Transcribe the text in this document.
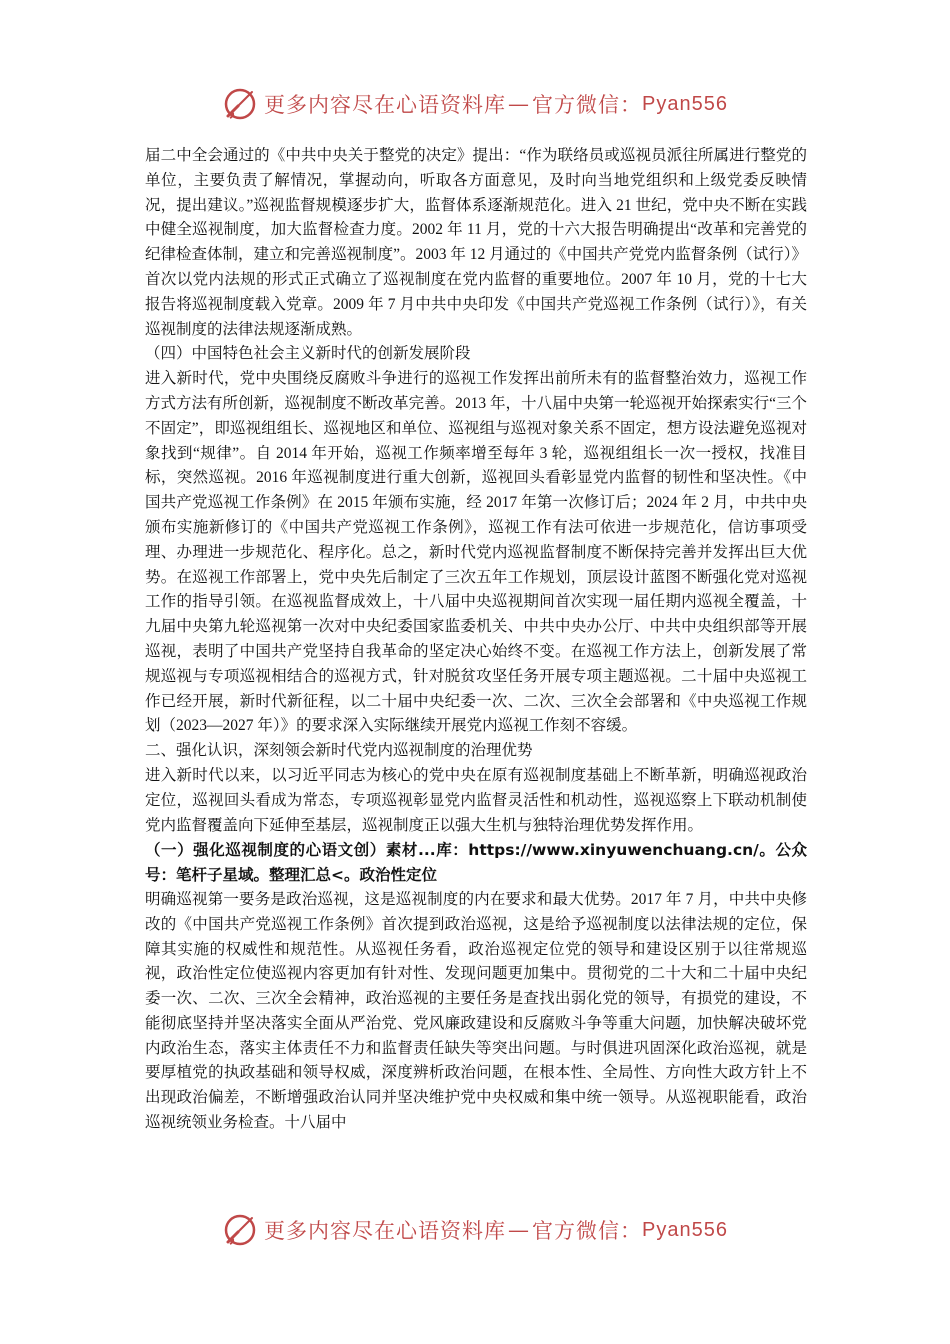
更多内容尽在心语资料库 — 官方微信： Pyan556

届二中全会通过的《中共中央关于整党的决定》提出：“作为联络员或巡视员派往所属进行整党的单位，主要负责了解情况，掌握动向，听取各方面意见，及时向当地党组织和上级党委反映情况，提出建议。”巡视监督规模逐步扩大，监督体系逐渐规范化。进入 21 世纪，党中央不断在实践中健全巡视制度，加大监督检查力度。2002 年 11 月，党的十六大报告明确提出“改革和完善党的纪律检查体制，建立和完善巡视制度”。2003 年 12 月通过的《中国共产党党内监督条例（试行）》首次以党内法规的形式正式确立了巡视制度在党内监督的重要地位。2007 年 10 月，党的十七大报告将巡视制度载入党章。2009 年 7 月中共中央印发《中国共产党巡视工作条例（试行）》，有关巡视制度的法律法规逐渐成熟。

（四）中国特色社会主义新时代的创新发展阶段

进入新时代，党中央围绕反腐败斗争进行的巡视工作发挥出前所未有的监督整治效力，巡视工作方式方法有所创新，巡视制度不断改革完善。2013 年，十八届中央第一轮巡视开始探索实行“三个不固定”，即巡视组组长、巡视地区和单位、巡视组与巡视对象关系不固定，想方设法避免巡视对象找到“规律”。自 2014 年开始，巡视工作频率增至每年 3 轮，巡视组组长一次一授权，找准目标，突然巡视。2016 年巡视制度进行重大创新，巡视回头看彰显党内监督的韧性和坚决性。《中国共产党巡视工作条例》在 2015 年颁布实施，经 2017 年第一次修订后；2024 年 2 月，中共中央颁布实施新修订的《中国共产党巡视工作条例》，巡视工作有法可依进一步规范化，信访事项受理、办理进一步规范化、程序化。总之，新时代党内巡视监督制度不断保持完善并发挥出巨大优势。在巡视工作部署上，党中央先后制定了三次五年工作规划，顶层设计蓝图不断强化党对巡视工作的指导引领。在巡视监督成效上，十八届中央巡视期间首次实现一届任期内巡视全覆盖，十九届中央第九轮巡视第一次对中央纪委国家监委机关、中共中央办公厅、中共中央组织部等开展巡视，表明了中国共产党坚持自我革命的坚定决心始终不变。在巡视工作方法上，创新发展了常规巡视与专项巡视相结合的巡视方式，针对脱贫攻坚任务开展专项主题巡视。二十届中央巡视工作已经开展，新时代新征程，以二十届中央纪委一次、二次、三次全会部署和《中央巡视工作规划（2023—2027 年）》的要求深入实际继续开展党内巡视工作刻不容缓。

二、强化认识，深刻领会新时代党内巡视制度的治理优势

进入新时代以来，以习近平同志为核心的党中央在原有巡视制度基础上不断革新，明确巡视政治定位，巡视回头看成为常态，专项巡视彰显党内监督灵活性和机动性，巡视巡察上下联动机制使党内监督覆盖向下延伸至基层，巡视制度正以强大生机与独特治理优势发挥作用。

（一）强化巡视制度的心语文创）素材...库：https://www.xinyuwenchuang.cn/。公众号：笔杆子星域。整理汇总<。政治性定位

明确巡视第一要务是政治巡视，这是巡视制度的内在要求和最大优势。2017 年 7 月，中共中央修改的《中国共产党巡视工作条例》首次提到政治巡视，这是给予巡视制度以法律法规的定位，保障其实施的权威性和规范性。从巡视任务看，政治巡视定位党的领导和建设区别于以往常规巡视，政治性定位使巡视内容更加有针对性、发现问题更加集中。贯彻党的二十大和二十届中央纪委一次、二次、三次全会精神，政治巡视的主要任务是查找出弱化党的领导，有损党的建设，不能彻底坚持并坚决落实全面从严治党、党风廉政建设和反腐败斗争等重大问题，加快解决破坏党内政治生态，落实主体责任不力和监督责任缺失等突出问题。与时俱进巩固深化政治巡视，就是要厚植党的执政基础和领导权威，深度辨析政治问题，在根本性、全局性、方向性大政方针上不出现政治偏差，不断增强政治认同并坚决维护党中央权威和集中统一领导。从巡视职能看，政治巡视统领业务检查。十八届中

更多内容尽在心语资料库 — 官方微信： Pyan556
